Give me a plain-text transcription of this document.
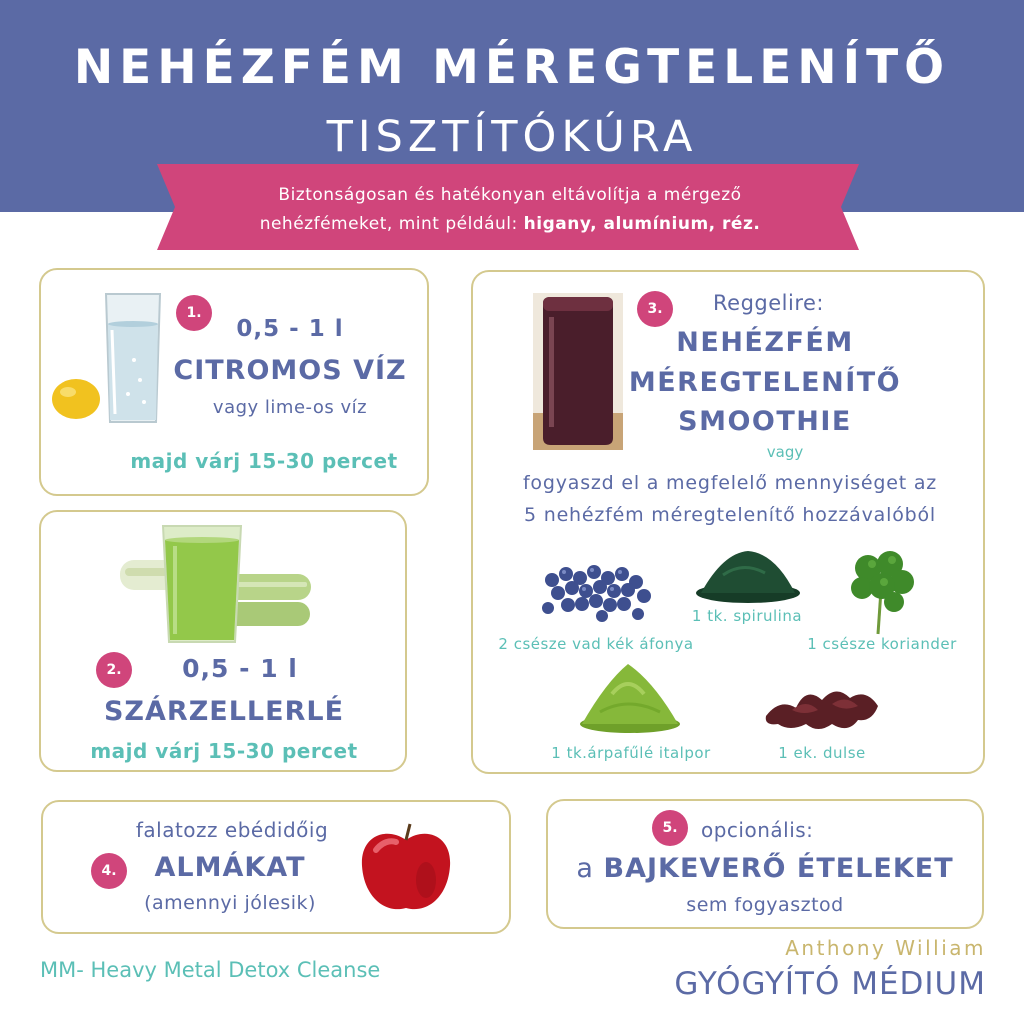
NEHÉZFÉM MÉREGTELENÍTŐ
TISZTÍTÓKÚRA
Biztonságosan és hatékonyan eltávolítja a mérgező
nehézfémeket, mint például: higany, alumínium, réz.
1.
0,5 - 1 l
CITROMOS VÍZ
vagy lime-os víz
majd várj 15-30 percet
2.	0,5 - 1 l
SZÁRZELLERLÉ
majd várj 15-30 percet
3.	Reggelire:
NEHÉZFÉM
MÉREGTELENÍTŐ
SMOOTHIE
vagy
fogyaszd el a megfelelő mennyiséget az
5 nehézfém méregtelenítő hozzávalóból
1 tk. spirulina
2 csésze vad kék áfonya	1 csésze koriander
1 tk.árpafűlé italpor	1 ek. dulse
falatozz ebédidőig
4.	ALMÁKAT
(amennyi jólesik)
5.	opcionális:
a BAJKEVERŐ ÉTELEKET
sem fogyasztod
MM- Heavy Metal Detox Cleanse
Anthony William
GYÓGYÍTÓ MÉDIUM
